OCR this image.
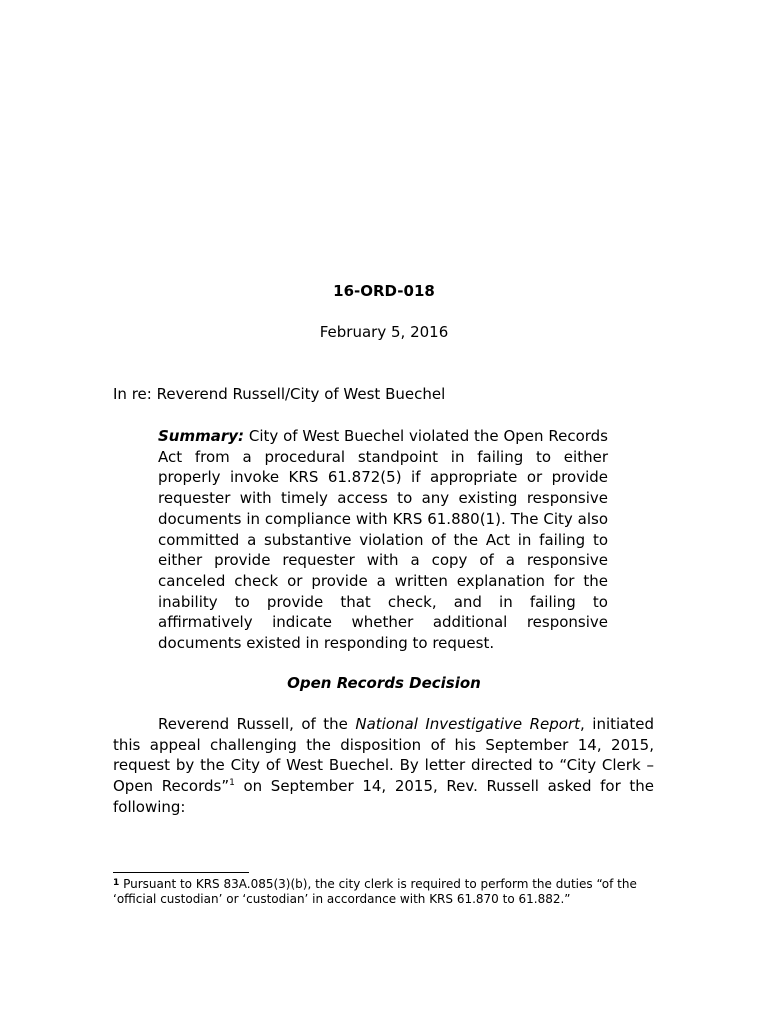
16-ORD-018
February 5, 2016
In re: Reverend Russell/City of West Buechel
Summary: City of West Buechel violated the Open Records Act from a procedural standpoint in failing to either properly invoke KRS 61.872(5) if appropriate or provide requester with timely access to any existing responsive documents in compliance with KRS 61.880(1). The City also committed a substantive violation of the Act in failing to either provide requester with a copy of a responsive canceled check or provide a written explanation for the inability to provide that check, and in failing to affirmatively indicate whether additional responsive documents existed in responding to request.
Open Records Decision
Reverend Russell, of the National Investigative Report, initiated this appeal challenging the disposition of his September 14, 2015, request by the City of West Buechel. By letter directed to “City Clerk – Open Records”$^1$ on September 14, 2015, Rev. Russell asked for the following:
$^1$ Pursuant to KRS 83A.085(3)(b), the city clerk is required to perform the duties “of the ‘official custodian’ or ‘custodian’ in accordance with KRS 61.870 to 61.882.”
